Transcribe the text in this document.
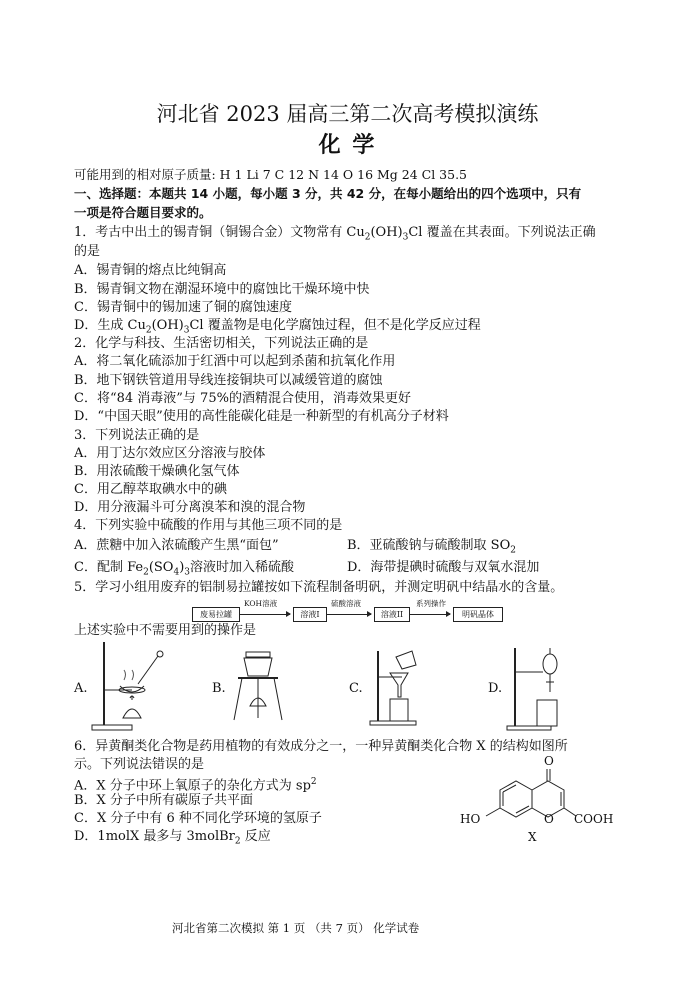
河北省 2023 届高三第二次高考模拟演练
化 学
可能用到的相对原子质量: H 1 Li 7 C 12 N 14 O 16 Mg 24 Cl 35.5
一、选择题：本题共 14 小题，每小题 3 分，共 42 分，在每小题给出的四个选项中，只有
一项是符合题目要求的。
1．考古中出土的锡青铜（铜锡合金）文物常有 $Cu_2(OH)_3Cl$ 覆盖在其表面。下列说法正确
的是
A．锡青铜的熔点比纯铜高
B．锡青铜文物在潮湿环境中的腐蚀比干燥环境中快
C．锡青铜中的锡加速了铜的腐蚀速度
D．生成 $Cu_2(OH)_3Cl$ 覆盖物是电化学腐蚀过程，但不是化学反应过程
2．化学与科技、生活密切相关，下列说法正确的是
A．将二氧化硫添加于红酒中可以起到杀菌和抗氧化作用
B．地下钢铁管道用导线连接铜块可以减缓管道的腐蚀
C．将“84 消毒液”与 75%的酒精混合使用，消毒效果更好
D．“中国天眼”使用的高性能碳化硅是一种新型的有机高分子材料
3．下列说法正确的是
A．用丁达尔效应区分溶液与胶体
B．用浓硫酸干燥碘化氢气体
C．用乙醇萃取碘水中的碘
D．用分液漏斗可分离溴苯和溴的混合物
4．下列实验中硫酸的作用与其他三项不同的是
A．蔗糖中加入浓硫酸产生黑“面包”	B．亚硫酸钠与硫酸制取 $SO_2$
C．配制 $Fe_2(SO_4)_3$溶液时加入稀硫酸	D．海带提碘时硫酸与双氧水混加
5．学习小组用废弃的铝制易拉罐按如下流程制备明矾，并测定明矾中结晶水的含量。
废易拉罐
KOH溶液
溶液I
硫酸溶液
溶液II
系列操作
明矾晶体
上述实验中不需要用到的操作是
A.	B.	C.	D.
6．异黄酮类化合物是药用植物的有效成分之一，一种异黄酮类化合物 X 的结构如图所
示。下列说法错误的是
A．X 分子中环上氧原子的杂化方式为 $sp^2$
B．X 分子中所有碳原子共平面
C．X 分子中有 6 种不同化学环境的氢原子
D．1molX 最多与 3molBr$_2$ 反应
O
HO	O COOH
X
河北省第二次模拟 第 1 页 （共 7 页） 化学试卷
